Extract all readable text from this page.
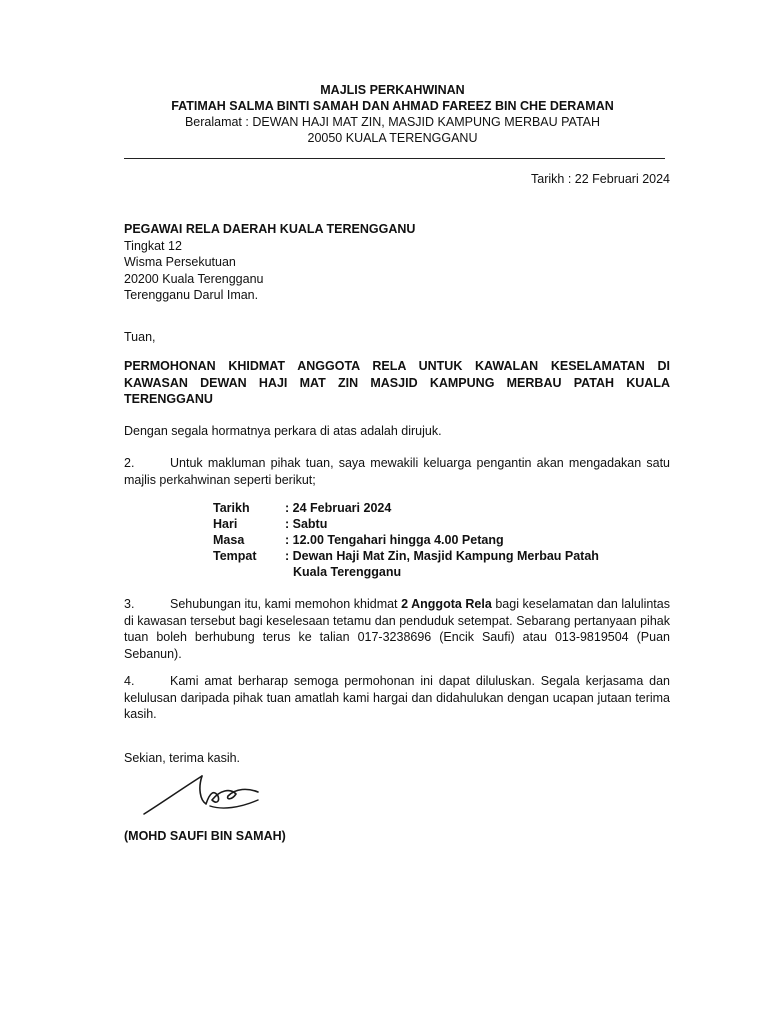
MAJLIS PERKAHWINAN
FATIMAH SALMA BINTI SAMAH DAN AHMAD FAREEZ BIN CHE DERAMAN
Beralamat : DEWAN HAJI MAT ZIN, MASJID KAMPUNG MERBAU PATAH
20050 KUALA TERENGGANU
Tarikh : 22 Februari 2024
PEGAWAI RELA DAERAH KUALA TERENGGANU
Tingkat 12
Wisma Persekutuan
20200 Kuala Terengganu
Terengganu Darul Iman.
Tuan,
PERMOHONAN KHIDMAT ANGGOTA RELA UNTUK KAWALAN KESELAMATAN DI KAWASAN DEWAN HAJI MAT ZIN MASJID KAMPUNG MERBAU PATAH KUALA TERENGGANU
Dengan segala hormatnya perkara di atas adalah dirujuk.
2.	Untuk makluman pihak tuan, saya mewakili keluarga pengantin akan mengadakan satu majlis perkahwinan seperti berikut;
Tarikh	: 24 Februari 2024
Hari	: Sabtu
Masa	: 12.00 Tengahari hingga 4.00 Petang
Tempat	: Dewan Haji Mat Zin, Masjid Kampung Merbau Patah
Kuala Terengganu
3.	Sehubungan itu, kami memohon khidmat 2 Anggota Rela bagi keselamatan dan lalulintas di kawasan tersebut bagi keselesaan tetamu dan penduduk setempat. Sebarang pertanyaan pihak tuan boleh berhubung terus ke talian 017-3238696 (Encik Saufi) atau 013-9819504 (Puan Sebanun).
4.	Kami amat berharap semoga permohonan ini dapat diluluskan. Segala kerjasama dan kelulusan daripada pihak tuan amatlah kami hargai dan didahulukan dengan ucapan jutaan terima kasih.
Sekian, terima kasih.
(MOHD SAUFI BIN SAMAH)
